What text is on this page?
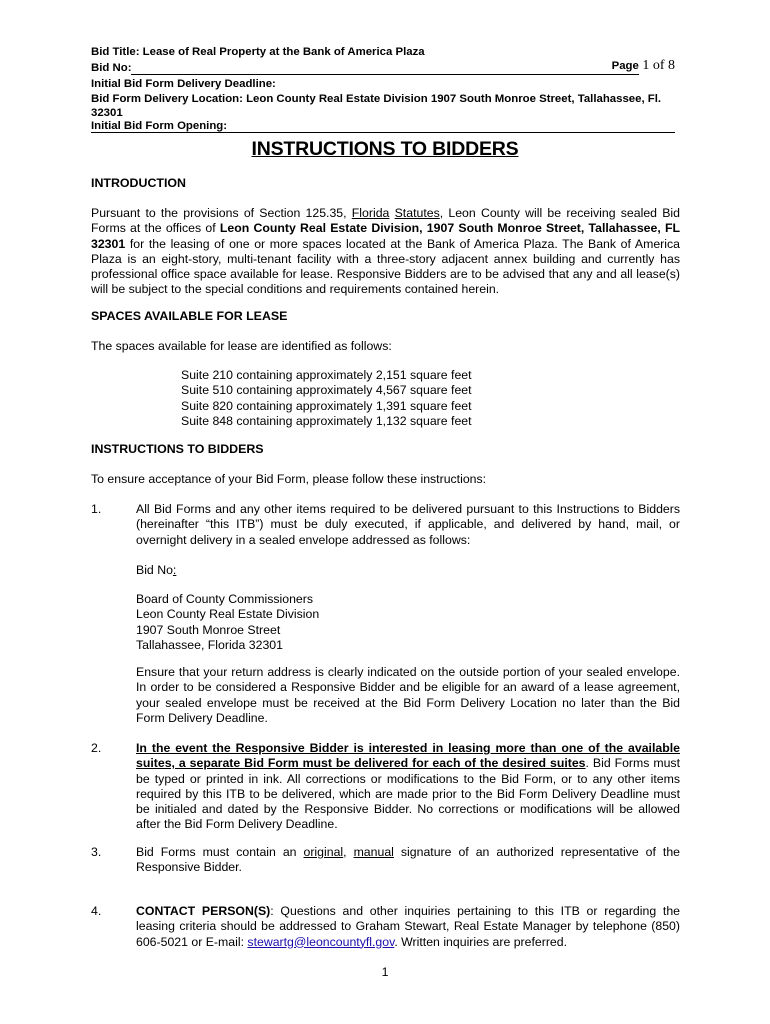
Bid Title: Lease of Real Property at the Bank of America Plaza
Bid No:	Page 1 of 8
Initial Bid Form Delivery Deadline:
Bid Form Delivery Location: Leon County Real Estate Division 1907 South Monroe Street, Tallahassee, Fl.
32301
Initial Bid Form Opening:
INSTRUCTIONS TO BIDDERS
INTRODUCTION

Pursuant to the provisions of Section 125.35, Florida Statutes, Leon County will be receiving sealed Bid Forms at the offices of Leon County Real Estate Division, 1907 South Monroe Street, Tallahassee, FL 32301 for the leasing of one or more spaces located at the Bank of America Plaza. The Bank of America Plaza is an eight-story, multi-tenant facility with a three-story adjacent annex building and currently has professional office space available for lease. Responsive Bidders are to be advised that any and all lease(s) will be subject to the special conditions and requirements contained herein.

SPACES AVAILABLE FOR LEASE

The spaces available for lease are identified as follows:

Suite 210 containing approximately 2,151 square feet
Suite 510 containing approximately 4,567 square feet
Suite 820 containing approximately 1,391 square feet
Suite 848 containing approximately 1,132 square feet
INSTRUCTIONS TO BIDDERS

To ensure acceptance of your Bid Form, please follow these instructions:

1.	All Bid Forms and any other items required to be delivered pursuant to this Instructions to Bidders (hereinafter “this ITB”) must be duly executed, if applicable, and delivered by hand, mail, or overnight delivery in a sealed envelope addressed as follows:
Bid No:
Board of County Commissioners
Leon County Real Estate Division
1907 South Monroe Street
Tallahassee, Florida 32301
Ensure that your return address is clearly indicated on the outside portion of your sealed envelope. In order to be considered a Responsive Bidder and be eligible for an award of a lease agreement, your sealed envelope must be received at the Bid Form Delivery Location no later than the Bid Form Delivery Deadline.
2.	In the event the Responsive Bidder is interested in leasing more than one of the available suites, a separate Bid Form must be delivered for each of the desired suites. Bid Forms must be typed or printed in ink. All corrections or modifications to the Bid Form, or to any other items required by this ITB to be delivered, which are made prior to the Bid Form Delivery Deadline must be initialed and dated by the Responsive Bidder. No corrections or modifications will be allowed after the Bid Form Delivery Deadline.
3.	Bid Forms must contain an original, manual signature of an authorized representative of the Responsive Bidder.
4.	CONTACT PERSON(S): Questions and other inquiries pertaining to this ITB or regarding the leasing criteria should be addressed to Graham Stewart, Real Estate Manager by telephone (850) 606-5021 or E-mail: stewartg@leoncountyfl.gov. Written inquiries are preferred.
1
